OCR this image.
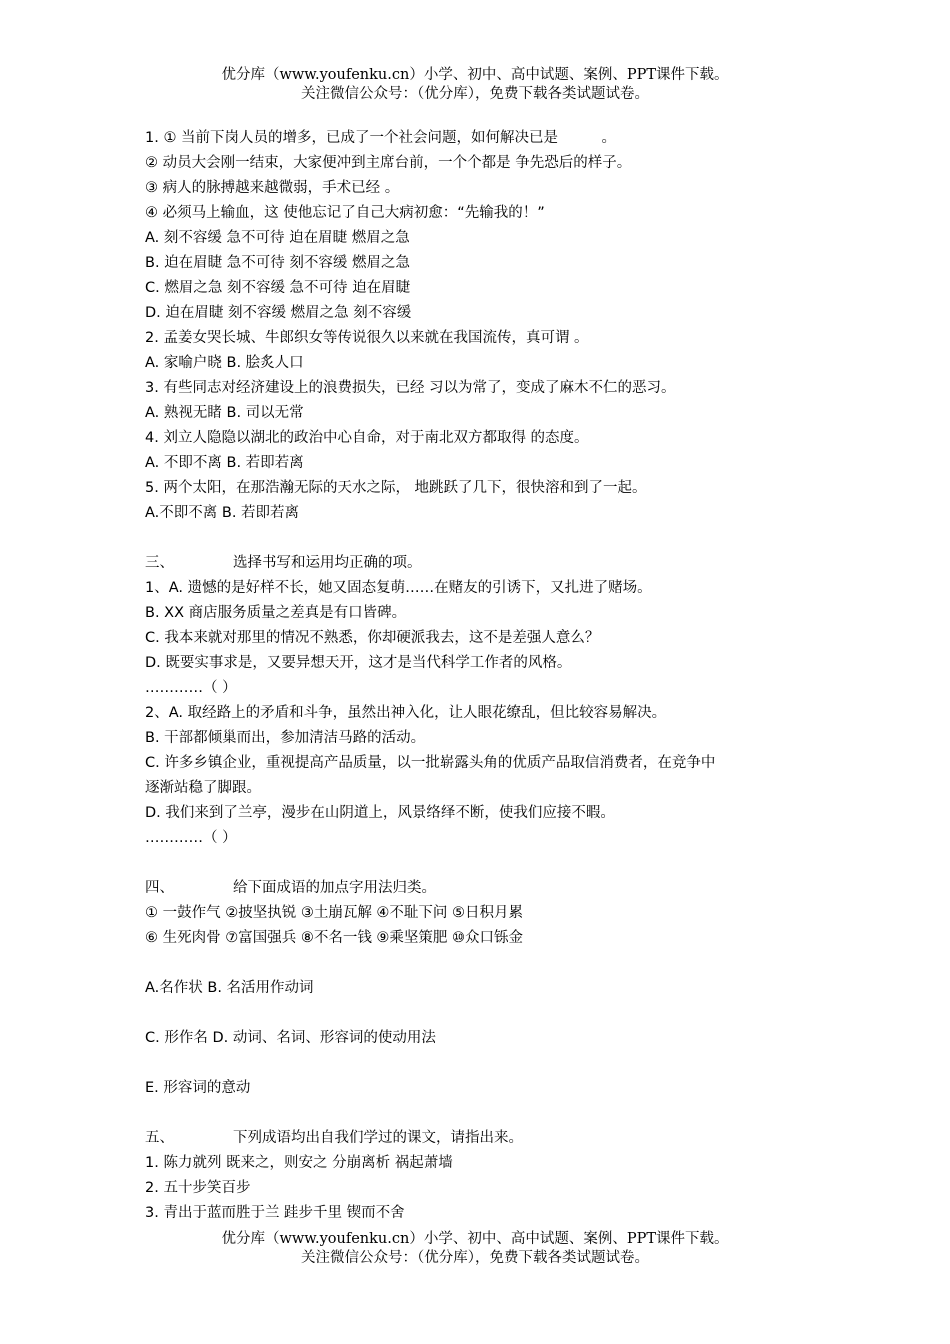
优分库（www.youfenku.cn）小学、初中、高中试题、案例、PPT课件下载。
关注微信公众号：（优分库），免费下载各类试题试卷。
1. ① 当前下岗人员的增多，已成了一个社会问题，如何解决已是　　　。
② 动员大会刚一结束，大家便冲到主席台前，一个个都是 争先恐后的样子。
③ 病人的脉搏越来越微弱，手术已经 。
④ 必须马上输血，这 使他忘记了自己大病初愈：“先输我的！”
A. 刻不容缓 急不可待 迫在眉睫 燃眉之急
B. 迫在眉睫 急不可待 刻不容缓 燃眉之急
C. 燃眉之急 刻不容缓 急不可待 迫在眉睫
D. 迫在眉睫 刻不容缓 燃眉之急 刻不容缓
2. 孟姜女哭长城、牛郎织女等传说很久以来就在我国流传，真可谓 。
A. 家喻户晓 B. 脍炙人口
3. 有些同志对经济建设上的浪费损失，已经 习以为常了，变成了麻木不仁的恶习。
A. 熟视无睹 B. 司以无常
4. 刘立人隐隐以湖北的政治中心自命，对于南北双方都取得 的态度。
A. 不即不离 B. 若即若离
5. 两个太阳，在那浩瀚无际的天水之际， 地跳跃了几下，很快溶和到了一起。
A.不即不离 B. 若即若离
三、	选择书写和运用均正确的项。
1、A. 遗憾的是好样不长，她又固态复萌……在赌友的引诱下，又扎进了赌场。
B. XX 商店服务质量之差真是有口皆碑。
C. 我本来就对那里的情况不熟悉，你却硬派我去，这不是差强人意么？
D. 既要实事求是，又要异想天开，这才是当代科学工作者的风格。
…………（ ）
2、A. 取经路上的矛盾和斗争，虽然出神入化，让人眼花缭乱，但比较容易解决。
B. 干部都倾巢而出，参加清洁马路的活动。
C. 许多乡镇企业，重视提高产品质量，以一批崭露头角的优质产品取信消费者，在竞争中
逐渐站稳了脚跟。
D. 我们来到了兰亭，漫步在山阴道上，风景络绎不断，使我们应接不暇。
…………（ ）
四、	给下面成语的加点字用法归类。
① 一鼓作气 ②披坚执锐 ③土崩瓦解 ④不耻下问 ⑤日积月累
⑥ 生死肉骨 ⑦富国强兵 ⑧不名一钱 ⑨乘坚策肥 ⑩众口铄金
A.名作状 B. 名活用作动词
C. 形作名 D. 动词、名词、形容词的使动用法
E. 形容词的意动
五、	下列成语均出自我们学过的课文，请指出来。
1. 陈力就列 既来之，则安之 分崩离析 祸起萧墙
2. 五十步笑百步
3. 青出于蓝而胜于兰 跬步千里 锲而不舍
优分库（www.youfenku.cn）小学、初中、高中试题、案例、PPT课件下载。
关注微信公众号：（优分库），免费下载各类试题试卷。
